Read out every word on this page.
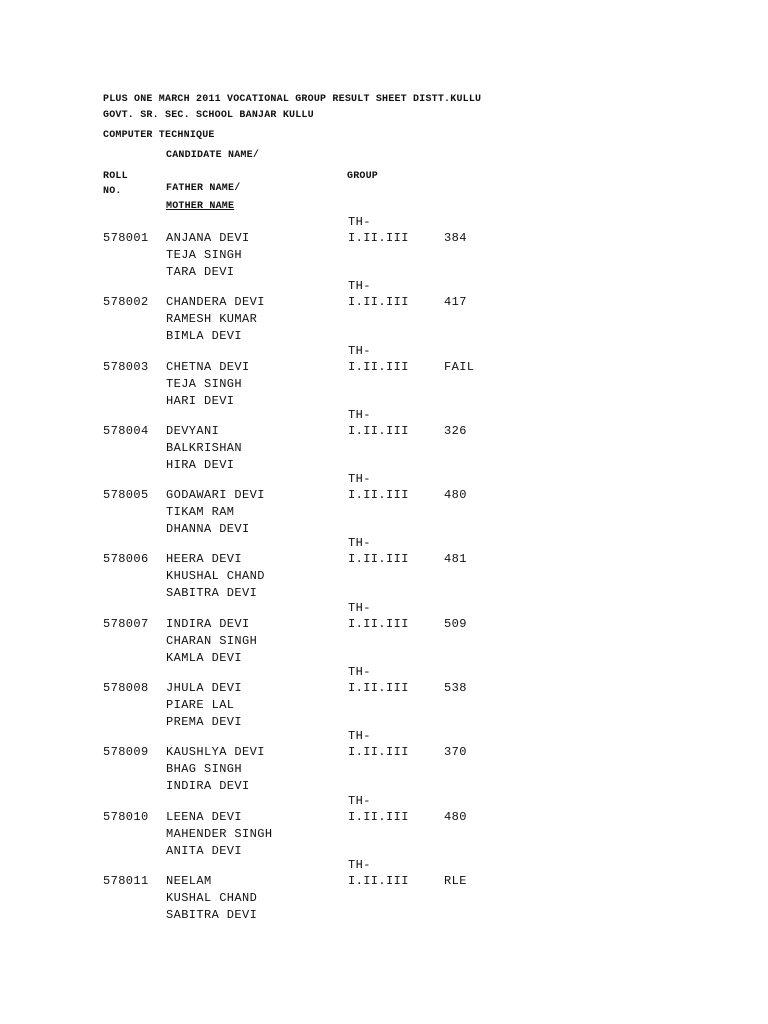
PLUS ONE MARCH 2011 VOCATIONAL GROUP RESULT SHEET DISTT.KULLU
GOVT. SR. SEC. SCHOOL BANJAR KULLU
COMPUTER TECHNIQUE
CANDIDATE NAME/
ROLL
NO.
GROUP
FATHER NAME/
MOTHER NAME
TH-
578001 ANJANA DEVI	I.II.III	384
TEJA SINGH
TARA DEVI
TH-
578002 CHANDERA DEVI	I.II.III	417
RAMESH KUMAR
BIMLA DEVI
TH-
578003 CHETNA DEVI	I.II.III	FAIL
TEJA SINGH
HARI DEVI
TH-
578004 DEVYANI	I.II.III	326
BALKRISHAN
HIRA DEVI
TH-
578005 GODAWARI DEVI	I.II.III	480
TIKAM RAM
DHANNA DEVI
TH-
578006 HEERA DEVI	I.II.III	481
KHUSHAL CHAND
SABITRA DEVI
TH-
578007 INDIRA DEVI	I.II.III	509
CHARAN SINGH
KAMLA DEVI
TH-
578008 JHULA DEVI	I.II.III	538
PIARE LAL
PREMA DEVI
TH-
578009 KAUSHLYA DEVI	I.II.III	370
BHAG SINGH
INDIRA DEVI
TH-
578010 LEENA DEVI	I.II.III	480
MAHENDER SINGH
ANITA DEVI
TH-
578011 NEELAM	I.II.III	RLE
KUSHAL CHAND
SABITRA DEVI
